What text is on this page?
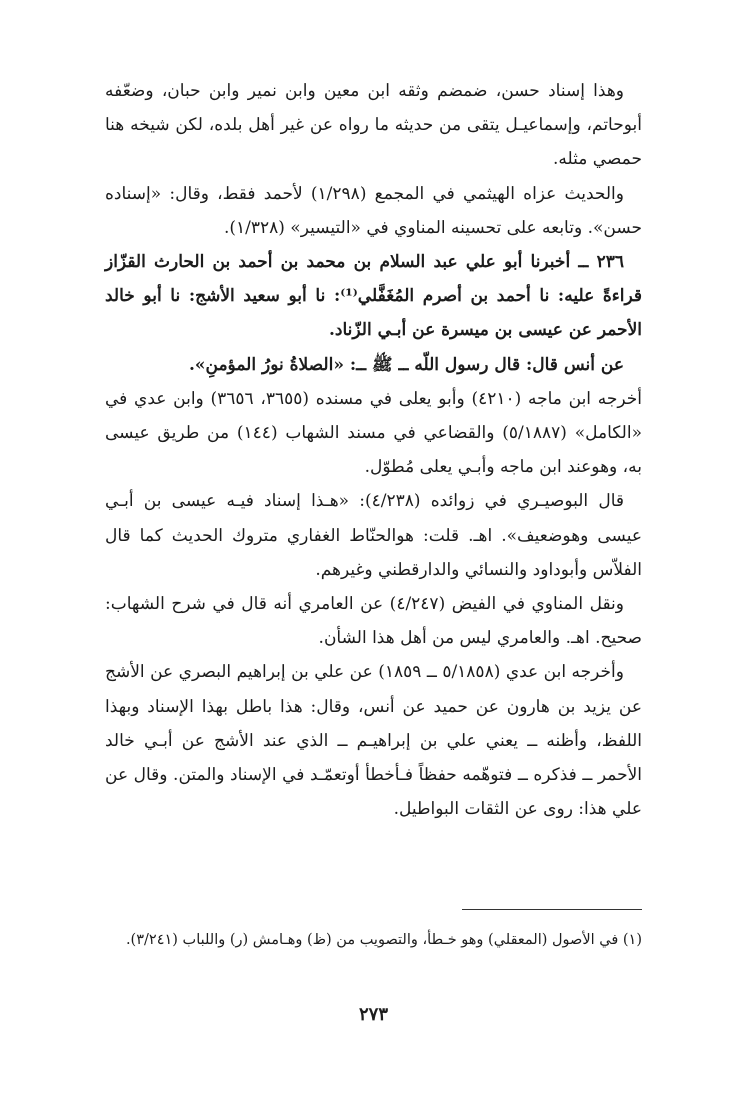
وهذا إسناد حسن، ضمضم وثقه ابن معين وابن نمير وابن حبان، وضعّفه أبوحاتم، وإسماعيـل يتقى من حديثه ما رواه عن غير أهل بلده، لكن شيخه هنا حمصي مثله.

والحديث عزاه الهيثمي في المجمع (١/٢٩٨) لأحمد فقط، وقال: «إسناده حسن». وتابعه على تحسينه المناوي في «التيسير» (١/٣٢٨).

٢٣٦ ــ أخبرنا أبو علي عبد السلام بن محمد بن أحمد بن الحارث القزّاز قراءةً عليه: نا أحمد بن أصرم المُغَفَّلي⁽¹⁾: نا أبو سعيد الأشج: نا أبو خالد الأحمر عن عيسى بن ميسرة عن أبـي الزّناد.

عن أنس قال: قال رسول اللّه ــ ﷺ ــ: «الصلاةُ نورُ المؤمنِ».

أخرجه ابن ماجه (٤٢١٠) وأبو يعلى في مسنده (٣٦٥٥، ٣٦٥٦) وابن عدي في «الكامل» (٥/١٨٨٧) والقضاعي في مسند الشهاب (١٤٤) من طريق عيسى به، وهوعند ابن ماجه وأبـي يعلى مُطوّل.

قال البوصيـري في زوائده (٤/٢٣٨): «هـذا إسناد فيـه عيسى بن أبـي عيسى وهوضعيف». اهـ. قلت: هوالحنّاط الغفاري متروك الحديث كما قال الفلاّس وأبوداود والنسائي والدارقطني وغيرهم.

ونقل المناوي في الفيض (٤/٢٤٧) عن العامري أنه قال في شرح الشهاب: صحيح. اهـ. والعامري ليس من أهل هذا الشأن.

وأخرجه ابن عدي (٥/١٨٥٨ ــ ١٨٥٩) عن علي بن إبراهيم البصري عن الأشج عن يزيد بن هارون عن حميد عن أنس، وقال: هذا باطل بهذا الإسناد وبهذا اللفظ، وأظنه ــ يعني علي بن إبراهيـم ــ الذي عند الأشج عن أبـي خالد الأحمر ــ فذكره ــ فتوهّمه حفظاً فـأخطأ أوتعمّـد في الإسناد والمتن. وقال عن علي هذا: روى عن الثقات البواطيل.

(١) في الأصول (المعقلي) وهو خـطأ، والتصويب من (ظ) وهـامش (ر) واللباب (٣/٢٤١).

٢٧٣
